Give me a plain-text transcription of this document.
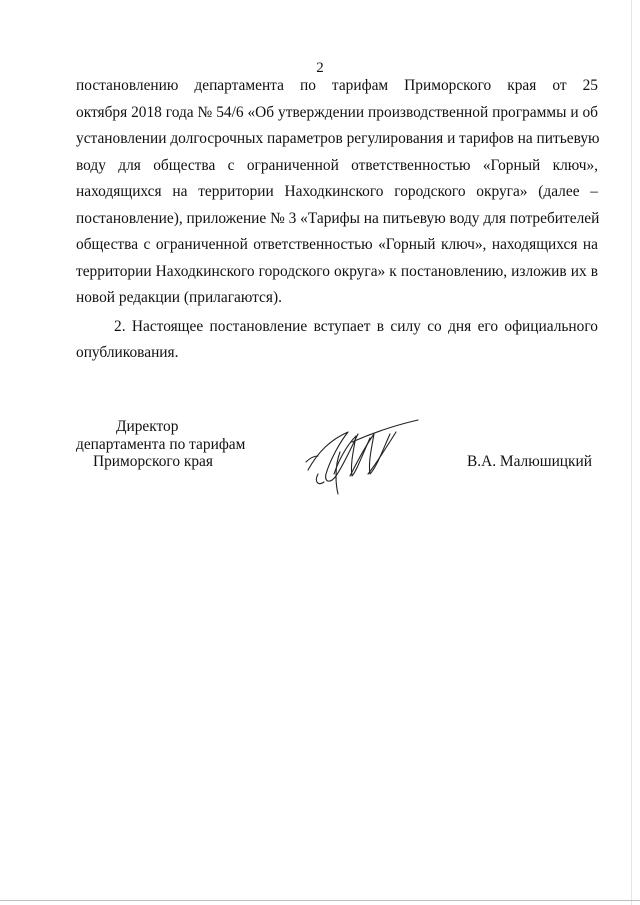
2
постановлению департамента по тарифам Приморского края от 25
октября 2018 года № 54/6 «Об утверждении производственной программы и об
установлении долгосрочных параметров регулирования и тарифов на питьевую
воду для общества с ограниченной ответственностью «Горный ключ»,
находящихся на территории Находкинского городского округа» (далее –
постановление), приложение № 3 «Тарифы на питьевую воду для потребителей
общества с ограниченной ответственностью «Горный ключ», находящихся на
территории Находкинского городского округа» к постановлению, изложив их в
новой редакции (прилагаются).
2. Настоящее постановление вступает в силу со дня его официального
опубликования.
Директор
департамента по тарифам
Приморского края	В.А. Малюшицкий
